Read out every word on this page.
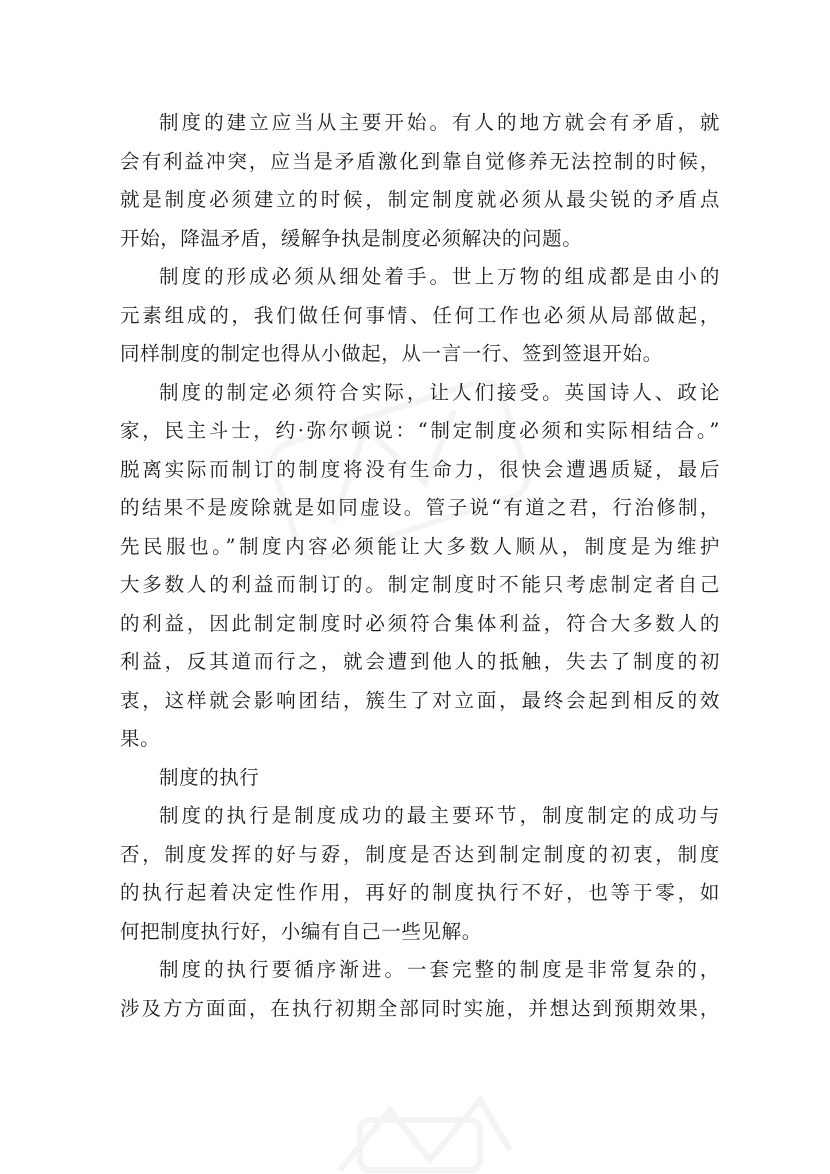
制度的建立应当从主要开始。有人的地方就会有矛盾，就
会有利益冲突，应当是矛盾激化到靠自觉修养无法控制的时候，
就是制度必须建立的时候，制定制度就必须从最尖锐的矛盾点
开始，降温矛盾，缓解争执是制度必须解决的问题。
制度的形成必须从细处着手。世上万物的组成都是由小的
元素组成的，我们做任何事情、任何工作也必须从局部做起，
同样制度的制定也得从小做起，从一言一行、签到签退开始。
制度的制定必须符合实际，让人们接受。英国诗人、政论
家，民主斗士，约·弥尔顿说：“制定制度必须和实际相结合。”
脱离实际而制订的制度将没有生命力，很快会遭遇质疑，最后
的结果不是废除就是如同虚设。管子说“有道之君，行治修制，
先民服也。”制度内容必须能让大多数人顺从，制度是为维护
大多数人的利益而制订的。制定制度时不能只考虑制定者自己
的利益，因此制定制度时必须符合集体利益，符合大多数人的
利益，反其道而行之，就会遭到他人的抵触，失去了制度的初
衷，这样就会影响团结，簇生了对立面，最终会起到相反的效
果。
制度的执行
制度的执行是制度成功的最主要环节，制度制定的成功与
否，制度发挥的好与孬，制度是否达到制定制度的初衷，制度
的执行起着决定性作用，再好的制度执行不好，也等于零，如
何把制度执行好，小编有自己一些见解。
制度的执行要循序渐进。一套完整的制度是非常复杂的，
涉及方方面面，在执行初期全部同时实施，并想达到预期效果，
